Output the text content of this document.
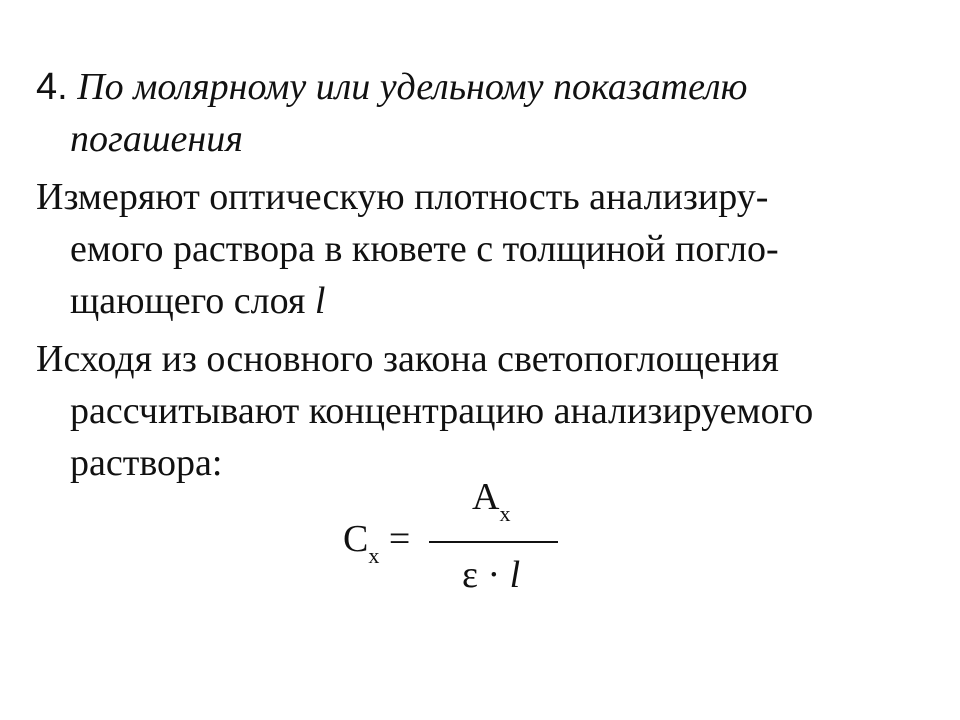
4. По молярному или удельному показателю
погашения
Измеряют оптическую плотность анализиру-
емого раствора в кювете с толщиной погло-
щающего слоя l
Исходя из основного закона светопоглощения
рассчитывают концентрацию анализируемого
раствора:
$C_x$ =
$A_x$
ε · l
